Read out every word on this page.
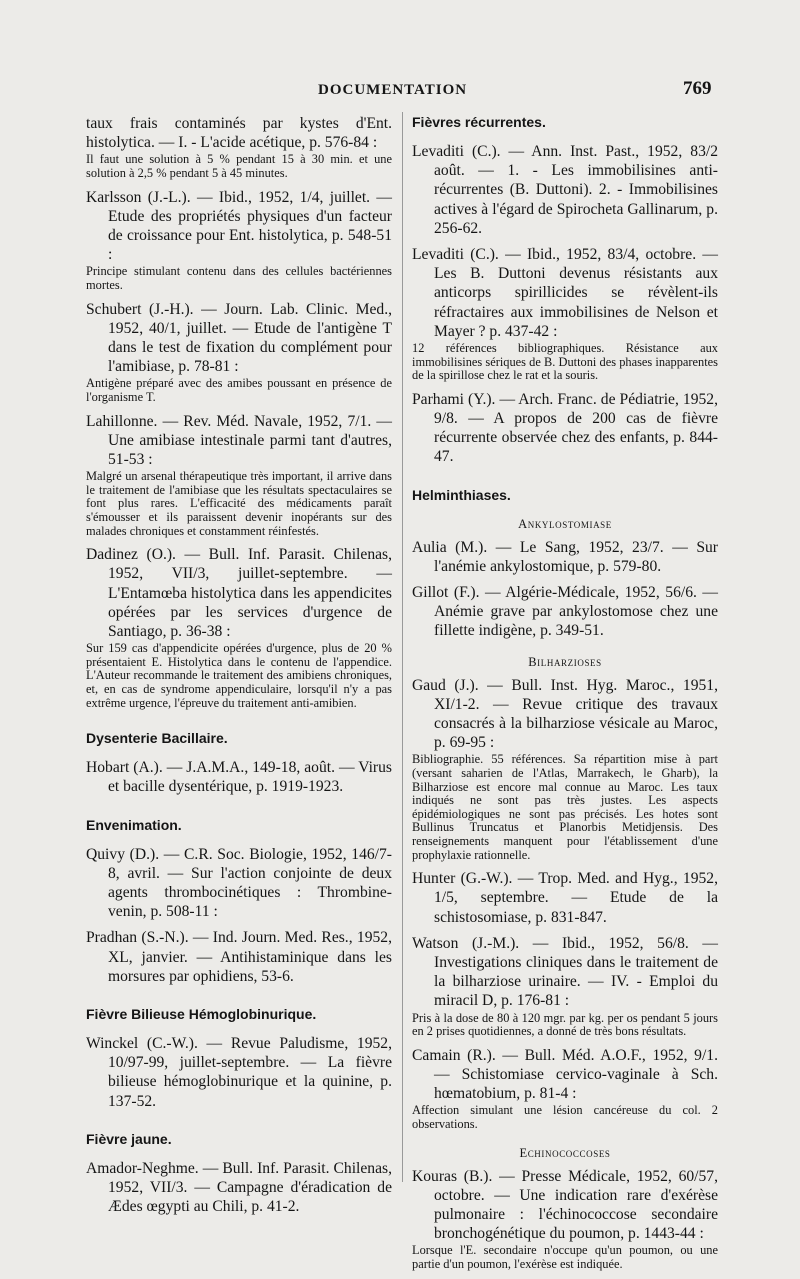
DOCUMENTATION	769
taux frais contaminés par kystes d'Ent. histolytica. — I. - L'acide acétique, p. 576-84 :
Il faut une solution à 5 % pendant 15 à 30 min. et une solution à 2,5 % pendant 5 à 45 minutes.
Karlsson (J.-L.). — Ibid., 1952, 1/4, juillet. — Etude des propriétés physiques d'un facteur de croissance pour Ent. histolytica, p. 548-51 :
Principe stimulant contenu dans des cellules bactériennes mortes.
Schubert (J.-H.). — Journ. Lab. Clinic. Med., 1952, 40/1, juillet. — Etude de l'antigène T dans le test de fixation du complément pour l'amibiase, p. 78-81 :
Antigène préparé avec des amibes poussant en présence de l'organisme T.
Lahillonne. — Rev. Méd. Navale, 1952, 7/1. — Une amibiase intestinale parmi tant d'autres, 51-53 :
Malgré un arsenal thérapeutique très important, il arrive dans le traitement de l'amibiase que les résultats spectaculaires se font plus rares. L'efficacité des médicaments paraît s'émousser et ils paraissent devenir inopérants sur des malades chroniques et constamment réinfestés.
Dadinez (O.). — Bull. Inf. Parasit. Chilenas, 1952, VII/3, juillet-septembre. — L'Entamœba histolytica dans les appendicites opérées par les services d'urgence de Santiago, p. 36-38 :
Sur 159 cas d'appendicite opérées d'urgence, plus de 20 % présentaient E. Histolytica dans le contenu de l'appendice. L'Auteur recommande le traitement des amibiens chroniques, et, en cas de syndrome appendiculaire, lorsqu'il n'y a pas extrême urgence, l'épreuve du traitement anti-amibien.
Dysenterie Bacillaire.
Hobart (A.). — J.A.M.A., 149-18, août. — Virus et bacille dysentérique, p. 1919-1923.
Envenimation.
Quivy (D.). — C.R. Soc. Biologie, 1952, 146/7-8, avril. — Sur l'action conjointe de deux agents thrombocinétiques : Thrombine-venin, p. 508-11 :
Pradhan (S.-N.). — Ind. Journ. Med. Res., 1952, XL, janvier. — Antihistaminique dans les morsures par ophidiens, 53-6.
Fièvre Bilieuse Hémoglobinurique.
Winckel (C.-W.). — Revue Paludisme, 1952, 10/97-99, juillet-septembre. — La fièvre bilieuse hémoglobinurique et la quinine, p. 137-52.
Fièvre jaune.
Amador-Neghme. — Bull. Inf. Parasit. Chilenas, 1952, VII/3. — Campagne d'éradication de Ædes œgypti au Chili, p. 41-2.
Fièvres récurrentes.
Levaditi (C.). — Ann. Inst. Past., 1952, 83/2 août. — 1. - Les immobilisines anti-récurrentes (B. Duttoni). 2. - Immobilisines actives à l'égard de Spirocheta Gallinarum, p. 256-62.
Levaditi (C.). — Ibid., 1952, 83/4, octobre. — Les B. Duttoni devenus résistants aux anticorps spirillicides se révèlent-ils réfractaires aux immobilisines de Nelson et Mayer ? p. 437-42 :
12 références bibliographiques. Résistance aux immobilisines sériques de B. Duttoni des phases inapparentes de la spirillose chez le rat et la souris.
Parhami (Y.). — Arch. Franc. de Pédiatrie, 1952, 9/8. — A propos de 200 cas de fièvre récurrente observée chez des enfants, p. 844-47.
Helminthiases.
Ankylostomiase
Aulia (M.). — Le Sang, 1952, 23/7. — Sur l'anémie ankylostomique, p. 579-80.
Gillot (F.). — Algérie-Médicale, 1952, 56/6. — Anémie grave par ankylostomose chez une fillette indigène, p. 349-51.
Bilharzioses
Gaud (J.). — Bull. Inst. Hyg. Maroc., 1951, XI/1-2. — Revue critique des travaux consacrés à la bilharziose vésicale au Maroc, p. 69-95 :
Bibliographie. 55 références. Sa répartition mise à part (versant saharien de l'Atlas, Marrakech, le Gharb), la Bilharziose est encore mal connue au Maroc. Les taux indiqués ne sont pas très justes. Les aspects épidémiologiques ne sont pas précisés. Les hotes sont Bullinus Truncatus et Planorbis Metidjensis. Des renseignements manquent pour l'établissement d'une prophylaxie rationnelle.
Hunter (G.-W.). — Trop. Med. and Hyg., 1952, 1/5, septembre. — Etude de la schistosomiase, p. 831-847.
Watson (J.-M.). — Ibid., 1952, 56/8. — Investigations cliniques dans le traitement de la bilharziose urinaire. — IV. - Emploi du miracil D, p. 176-81 :
Pris à la dose de 80 à 120 mgr. par kg. per os pendant 5 jours en 2 prises quotidiennes, a donné de très bons résultats.
Camain (R.). — Bull. Méd. A.O.F., 1952, 9/1. — Schistomiase cervico-vaginale à Sch. hœmatobium, p. 81-4 :
Affection simulant une lésion cancéreuse du col. 2 observations.
Echinococcoses
Kouras (B.). — Presse Médicale, 1952, 60/57, octobre. — Une indication rare d'exérèse pulmonaire : l'échinococcose secondaire bronchogénétique du poumon, p. 1443-44 :
Lorsque l'E. secondaire n'occupe qu'un poumon, ou une partie d'un poumon, l'exérèse est indiquée.
